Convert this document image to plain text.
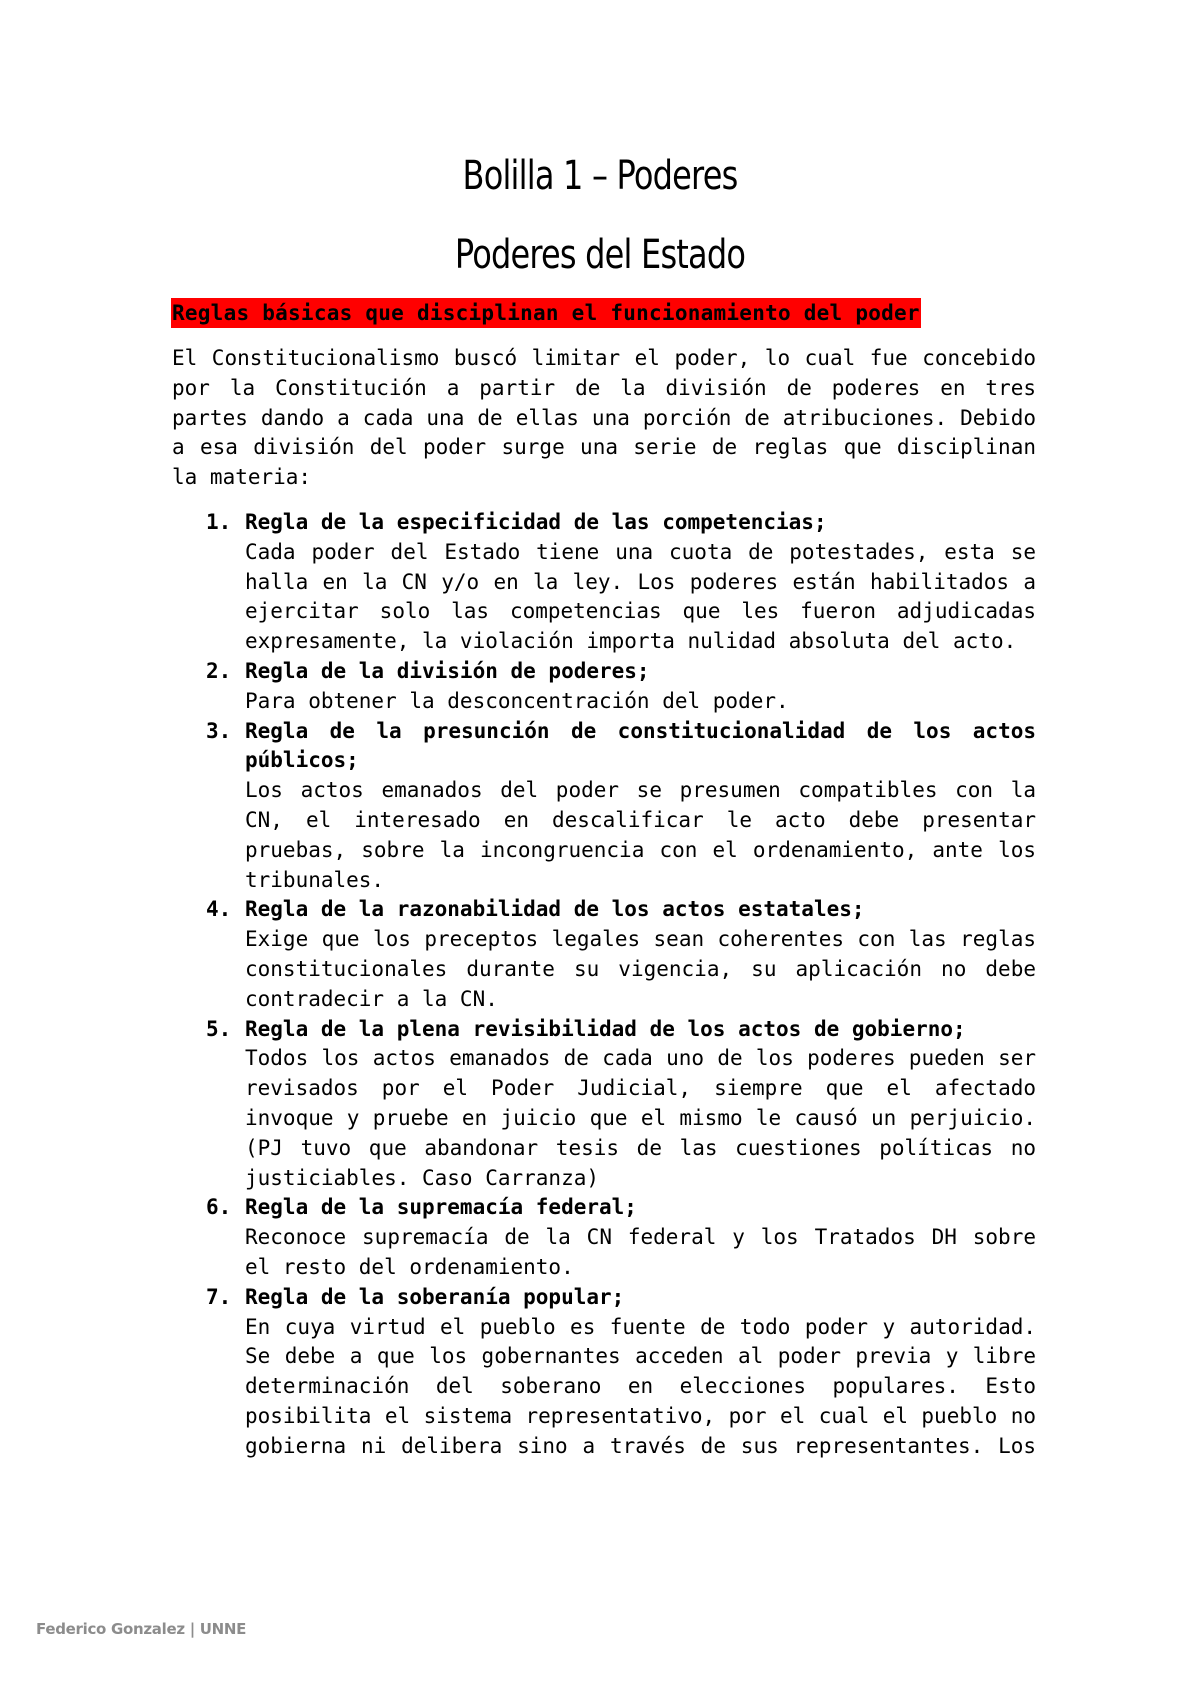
Bolilla 1 – Poderes
Poderes del Estado
Reglas básicas que disciplinan el funcionamiento del poder

El Constitucionalismo buscó limitar el poder, lo cual fue concebido por la Constitución a partir de la división de poderes en tres partes dando a cada una de ellas una porción de atribuciones. Debido a esa división del poder surge una serie de reglas que disciplinan la materia:

1. Regla de la especificidad de las competencias;
Cada poder del Estado tiene una cuota de potestades, esta se halla en la CN y/o en la ley. Los poderes están habilitados a ejercitar solo las competencias que les fueron adjudicadas expresamente, la violación importa nulidad absoluta del acto.
2. Regla de la división de poderes;
Para obtener la desconcentración del poder.
3. Regla de la presunción de constitucionalidad de los actos públicos;
Los actos emanados del poder se presumen compatibles con la CN, el interesado en descalificar le acto debe presentar pruebas, sobre la incongruencia con el ordenamiento, ante los tribunales.
4. Regla de la razonabilidad de los actos estatales;
Exige que los preceptos legales sean coherentes con las reglas constitucionales durante su vigencia, su aplicación no debe contradecir a la CN.
5. Regla de la plena revisibilidad de los actos de gobierno;
Todos los actos emanados de cada uno de los poderes pueden ser revisados por el Poder Judicial, siempre que el afectado invoque y pruebe en juicio que el mismo le causó un perjuicio. (PJ tuvo que abandonar tesis de las cuestiones políticas no justiciables. Caso Carranza)
6. Regla de la supremacía federal;
Reconoce supremacía de la CN federal y los Tratados DH sobre el resto del ordenamiento.
7. Regla de la soberanía popular;
En cuya virtud el pueblo es fuente de todo poder y autoridad. Se debe a que los gobernantes acceden al poder previa y libre determinación del soberano en elecciones populares. Esto posibilita el sistema representativo, por el cual el pueblo no gobierna ni delibera sino a través de sus representantes. Los
Federico Gonzalez | UNNE
